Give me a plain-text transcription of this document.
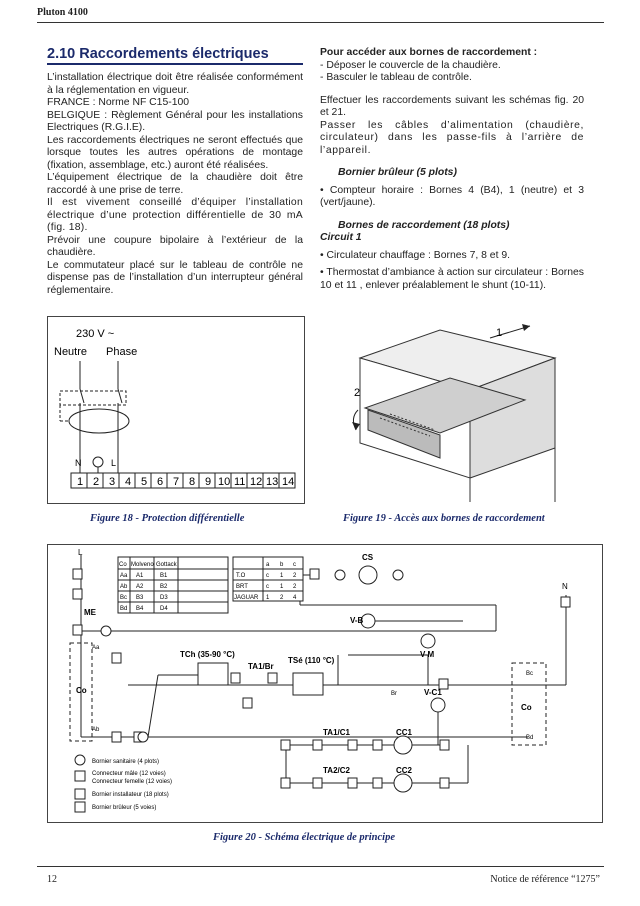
Pluton 4100
2.10 Raccordements électriques

L’installation électrique doit être réalisée conformément à la réglementation en vigueur.

FRANCE : Norme NF C15-100

BELGIQUE : Règlement Général pour les installations Electriques (R.G.I.E).

Les raccordements électriques ne seront effectués que lorsque toutes les autres opérations de montage (fixation, assemblage, etc.) auront été réalisées.

L’équipement électrique de la chaudière doit être raccordé à une prise de terre.

Il est vivement conseillé d’équiper l’installation électrique d’une protection différentielle de 30 mA (fig. 18).

Prévoir une coupure bipolaire à l’extérieur de la chaudière.

Le commutateur placé sur le tableau de contrôle ne dispense pas de l’installation d’un interrupteur général réglementaire.

Pour accéder aux bornes de raccordement :

- Déposer le couvercle de la chaudière.

- Basculer le tableau de contrôle.

Effectuer les raccordements suivant les schémas fig. 20 et 21.

Passer les câbles d’alimentation (chaudière, circulateur) dans les passe-fils à l’arrière de l’appareil.

Bornier brûleur (5 plots)

• Compteur horaire : Bornes 4 (B4), 1 (neutre) et 3 (vert/jaune).

Bornes de raccordement (18 plots)

Circuit 1

• Circulateur chauffage : Bornes 7, 8 et 9.

• Thermostat d’ambiance à action sur circulateur : Bornes 10 et 11 , enlever préalablement le shunt (10-11).

230 V ~
Neutre Phase
N	L
1 2 3 4 5 6 7 8 9 10 11 12 13 14
Figure 18 - Protection différentielle
1
2
Figure 19 - Accès aux bornes de raccordement
Co Molveno Gottack
Aa A1	B1
Ab A2	B2
Bc B3	D3
Bd B4	D4
a b c
T.O	c 1 2
BRT	c 1 2
JAGUAR 1 2 4
L
N
ME
Co
Co
CS
V-B
V-M
V-C1
TCh (35-90 °C)
TA1/Br
TSé (110 °C)
TA1/C1
TA2/C2
CC1
CC2
Aa
Ab
Bc
Bd
Br
Bornier sanitaire (4 plots)
Connecteur mâle (12 voies)
Connecteur femelle (12 voies)
Bornier installateur (18 plots)
Bornier brûleur (5 voies)
Figure 20 - Schéma électrique de principe
12	Notice de référence “1275”
